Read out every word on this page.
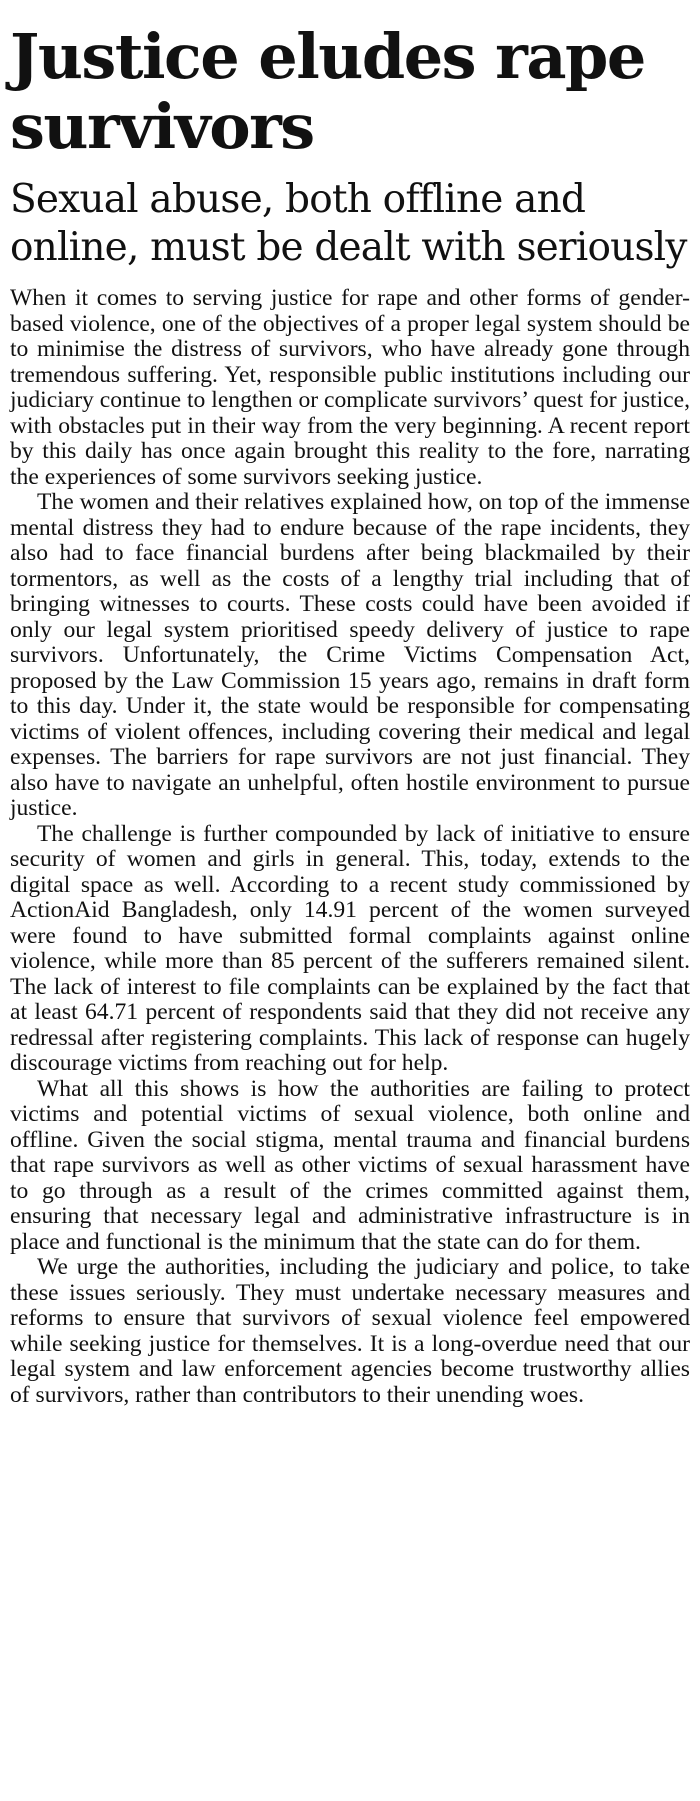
Justice eludes rape survivors
Sexual abuse, both offline and online, must be dealt with seriously

When it comes to serving justice for rape and other forms of gender-based violence, one of the objectives of a proper legal system should be to minimise the distress of survivors, who have already gone through tremendous suffering. Yet, responsible public institutions including our judiciary continue to lengthen or complicate survivors’ quest for justice, with obstacles put in their way from the very beginning. A recent report by this daily has once again brought this reality to the fore, narrating the experiences of some survivors seeking justice.

The women and their relatives explained how, on top of the immense mental distress they had to endure because of the rape incidents, they also had to face financial burdens after being blackmailed by their tormentors, as well as the costs of a lengthy trial including that of bringing witnesses to courts. These costs could have been avoided if only our legal system prioritised speedy delivery of justice to rape survivors. Unfortunately, the Crime Victims Compensation Act, proposed by the Law Commission 15 years ago, remains in draft form to this day. Under it, the state would be responsible for compensating victims of violent offences, including covering their medical and legal expenses. The barriers for rape survivors are not just financial. They also have to navigate an unhelpful, often hostile environment to pursue justice.

The challenge is further compounded by lack of initiative to ensure security of women and girls in general. This, today, extends to the digital space as well. According to a recent study commissioned by ActionAid Bangladesh, only 14.91 percent of the women surveyed were found to have submitted formal complaints against online violence, while more than 85 percent of the sufferers remained silent. The lack of interest to file complaints can be explained by the fact that at least 64.71 percent of respondents said that they did not receive any redressal after registering complaints. This lack of response can hugely discourage victims from reaching out for help.

What all this shows is how the authorities are failing to protect victims and potential victims of sexual violence, both online and offline. Given the social stigma, mental trauma and financial burdens that rape survivors as well as other victims of sexual harassment have to go through as a result of the crimes committed against them, ensuring that necessary legal and administrative infrastructure is in place and functional is the minimum that the state can do for them.

We urge the authorities, including the judiciary and police, to take these issues seriously. They must undertake necessary measures and reforms to ensure that survivors of sexual violence feel empowered while seeking justice for themselves. It is a long-overdue need that our legal system and law enforcement agencies become trustworthy allies of survivors, rather than contributors to their unending woes.
